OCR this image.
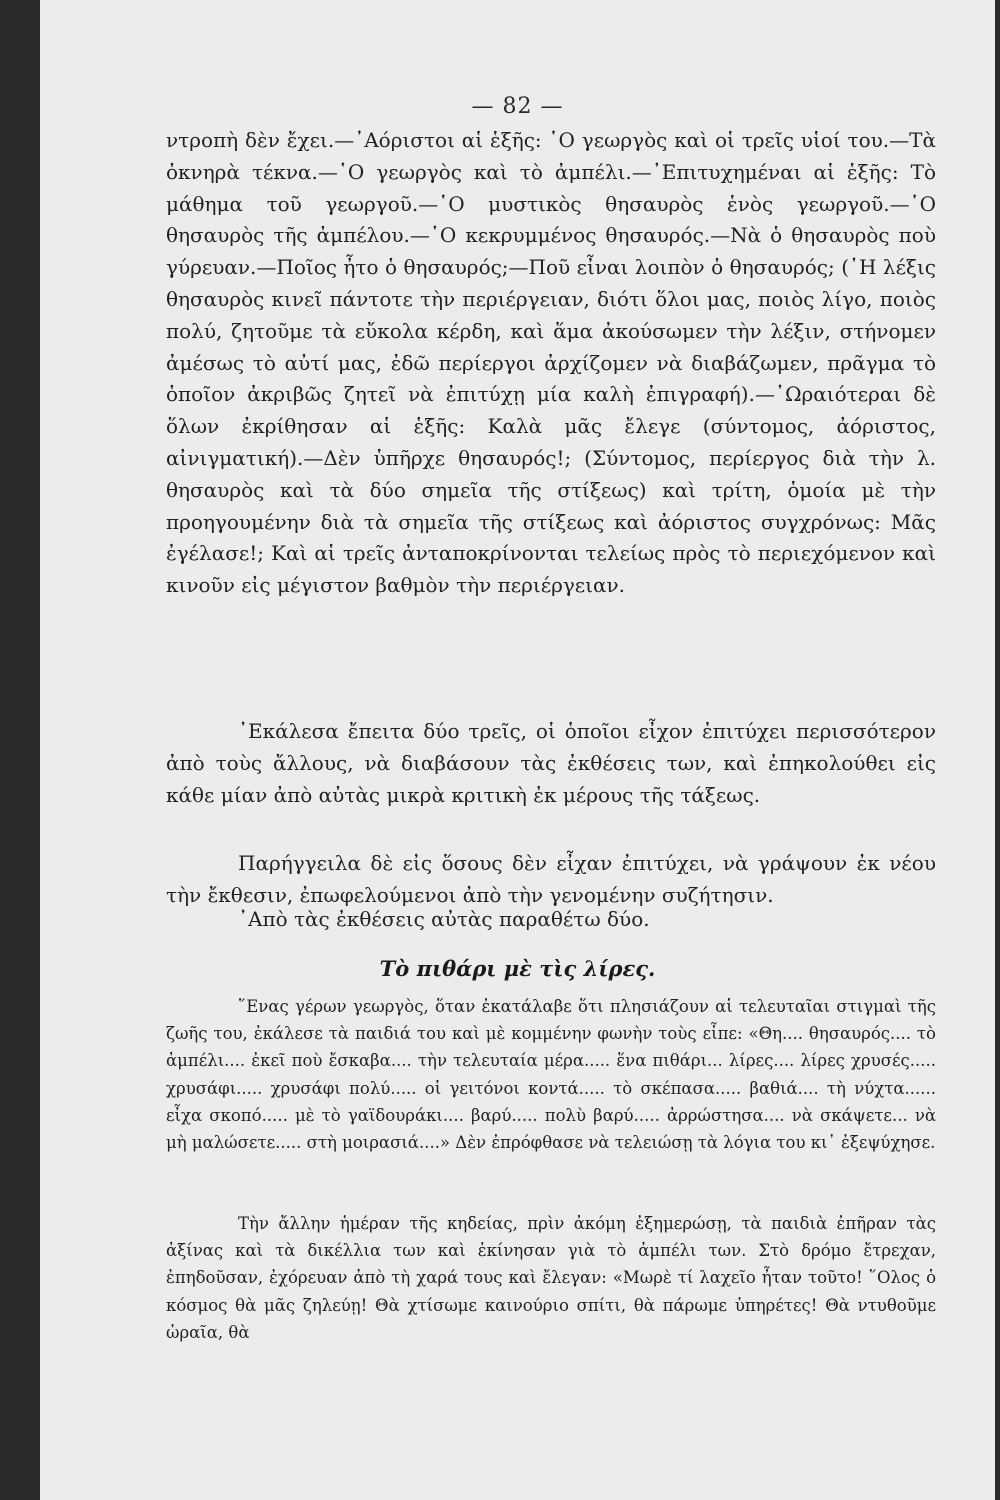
— 82 —

ντροπὴ δὲν ἔχει.—᾿Αόριστοι αἱ ἑξῆς: ῾Ο γεωργὸς καὶ οἱ τρεῖς υἱοί του.—Τὰ ὀκνηρὰ τέκνα.—῾Ο γεωργὸς καὶ τὸ ἀμπέλι.—᾿Επιτυχημέναι αἱ ἑξῆς: Τὸ μάθημα τοῦ γεωργοῦ.—῾Ο μυστικὸς θησαυρὸς ἑνὸς γεωργοῦ.—῾Ο θησαυρὸς τῆς ἀμπέλου.—῾Ο κεκρυμμένος θησαυρός.—Νὰ ὁ θησαυρὸς ποὺ γύρευαν.—Ποῖος ἦτο ὁ θησαυρός;—Ποῦ εἶναι λοιπὸν ὁ θησαυρός; (῾Η λέξις θησαυρὸς κινεῖ πάντοτε τὴν περιέργειαν, διότι ὅλοι μας, ποιὸς λίγο, ποιὸς πολύ, ζητοῦμε τὰ εὔκολα κέρδη, καὶ ἅμα ἀκούσωμεν τὴν λέξιν, στήνομεν ἀμέσως τὸ αὐτί μας, ἐδῶ περίεργοι ἀρχίζομεν νὰ διαβάζωμεν, πρᾶγμα τὸ ὁποῖον ἀκριβῶς ζητεῖ νὰ ἐπιτύχῃ μία καλὴ ἐπιγραφή).—῾Ωραιότεραι δὲ ὅλων ἐκρίθησαν αἱ ἑξῆς: Καλὰ μᾶς ἔλεγε (σύντομος, ἀόριστος, αἰνιγματική).—Δὲν ὑπῆρχε θησαυρός!; (Σύντομος, περίεργος διὰ τὴν λ. θησαυρὸς καὶ τὰ δύο σημεῖα τῆς στίξεως) καὶ τρίτη, ὁμοία μὲ τὴν προηγουμένην διὰ τὰ σημεῖα τῆς στίξεως καὶ ἀόριστος συγχρόνως: Μᾶς ἐγέλασε!; Καὶ αἱ τρεῖς ἀνταποκρίνονται τελείως πρὸς τὸ περιεχόμενον καὶ κινοῦν εἰς μέγιστον βαθμὸν τὴν περιέργειαν.

᾿Εκάλεσα ἔπειτα δύο τρεῖς, οἱ ὁποῖοι εἶχον ἐπιτύχει περισσότερον ἀπὸ τοὺς ἄλλους, νὰ διαβάσουν τὰς ἐκθέσεις των, καὶ ἐπηκολούθει εἰς κάθε μίαν ἀπὸ αὐτὰς μικρὰ κριτικὴ ἐκ μέρους τῆς τάξεως.

Παρήγγειλα δὲ εἰς ὅσους δὲν εἶχαν ἐπιτύχει, νὰ γράψουν ἐκ νέου τὴν ἔκθεσιν, ἐπωφελούμενοι ἀπὸ τὴν γενομένην συζήτησιν.

᾿Απὸ τὰς ἐκθέσεις αὐτὰς παραθέτω δύο.

Τὸ πιθάρι μὲ τὶς λίρες.

῞Ενας γέρων γεωργὸς, ὅταν ἐκατάλαβε ὅτι πλησιάζουν αἱ τελευταῖαι στιγμαὶ τῆς ζωῆς του, ἐκάλεσε τὰ παιδιά του καὶ μὲ κομμένην φωνὴν τοὺς εἶπε: «Θη.... θησαυρός.... τὸ ἀμπέλι.... ἐκεῖ ποὺ ἔσκαβα.... τὴν τελευταία μέρα..... ἕνα πιθάρι... λίρες.... λίρες χρυσές..... χρυσάφι..... χρυσάφι πολύ..... οἱ γειτόνοι κοντά..... τὸ σκέπασα..... βαθιά.... τὴ νύχτα...... εἶχα σκοπό..... μὲ τὸ γαϊδουράκι.... βαρύ..... πολὺ βαρύ..... ἀρρώστησα.... νὰ σκάψετε... νὰ μὴ μαλώσετε..... στὴ μοιρασιά....» Δὲν ἐπρόφθασε νὰ τελειώσῃ τὰ λόγια του κι᾿ ἐξεψύχησε.

Τὴν ἄλλην ἡμέραν τῆς κηδείας, πρὶν ἀκόμη ἐξημερώσῃ, τὰ παιδιὰ ἐπῆραν τὰς ἀξίνας καὶ τὰ δικέλλια των καὶ ἐκίνησαν γιὰ τὸ ἀμπέλι των. Στὸ δρόμο ἔτρεχαν, ἐπηδοῦσαν, ἐχόρευαν ἀπὸ τὴ χαρά τους καὶ ἔλεγαν: «Μωρὲ τί λαχεῖο ἦταν τοῦτο! ῞Ολος ὁ κόσμος θὰ μᾶς ζηλεύῃ! Θὰ χτίσωμε καινούριο σπίτι, θὰ πάρωμε ὑπηρέτες! Θὰ ντυθοῦμε ὡραῖα, θὰ
